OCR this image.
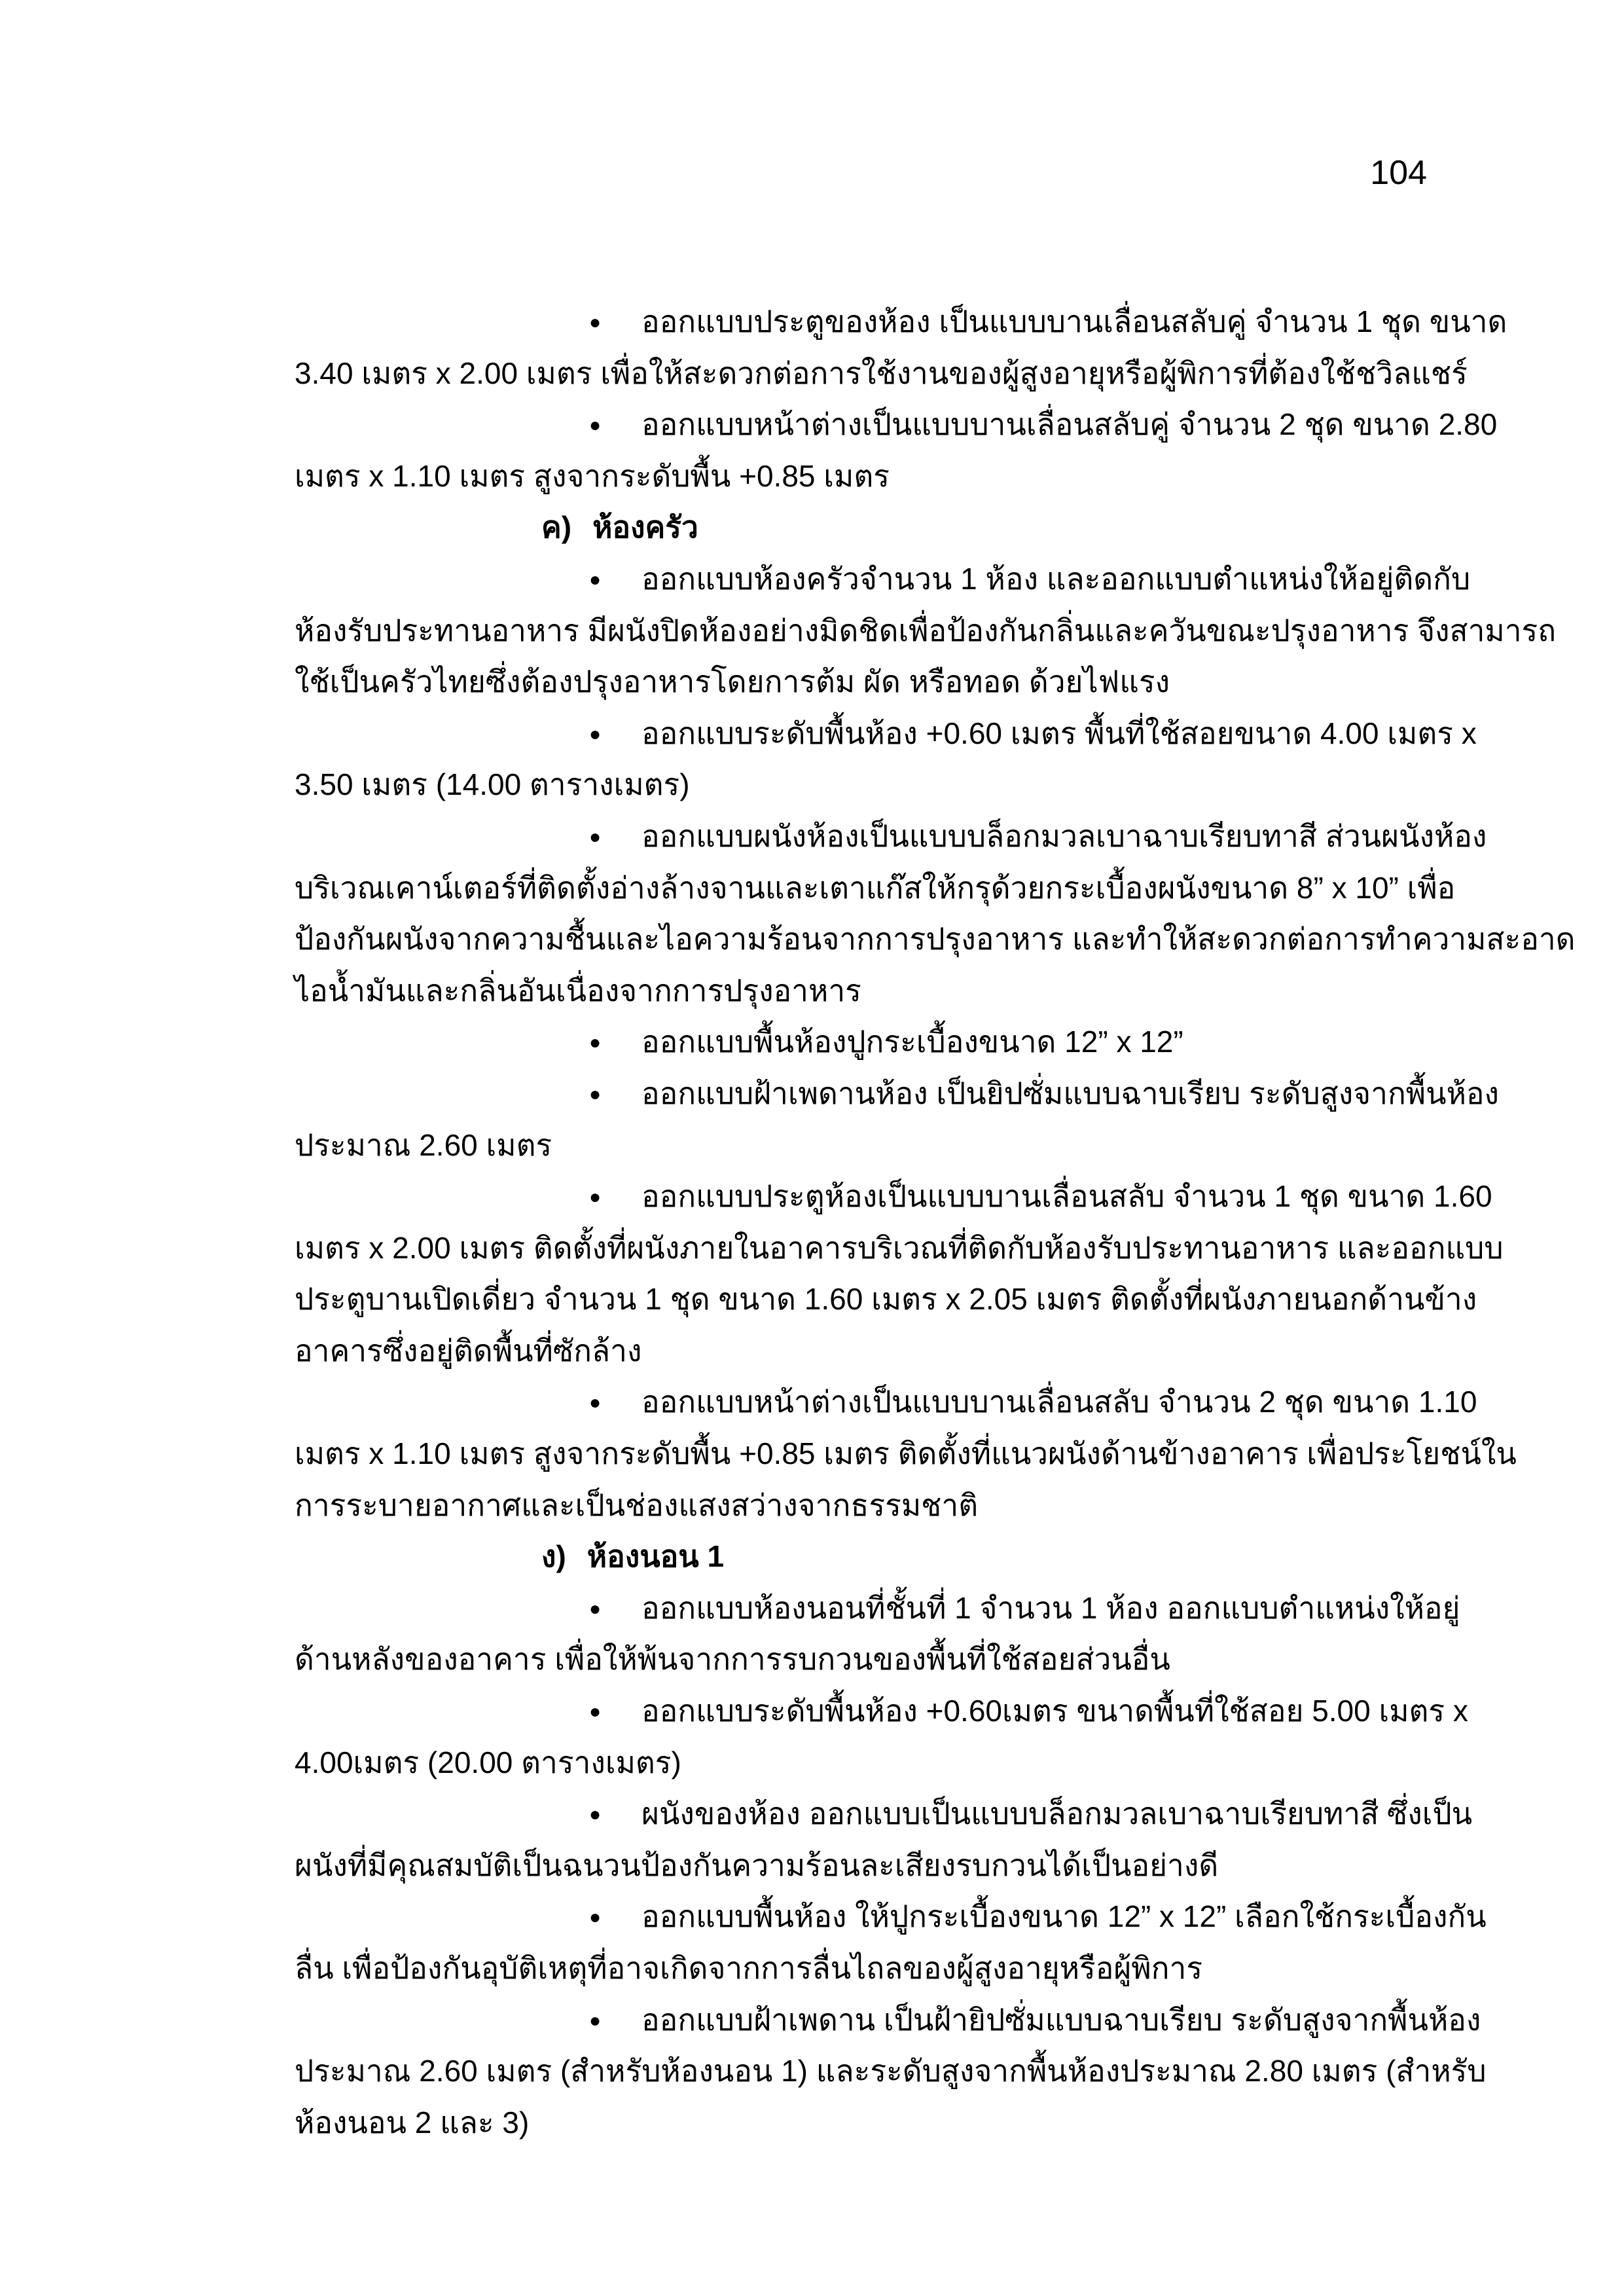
104
● ออกแบบประตูของห้อง เป็นแบบบานเลื่อนสลับคู่ จำนวน 1 ชุด ขนาด
3.40 เมตร x 2.00 เมตร เพื่อให้สะดวกต่อการใช้งานของผู้สูงอายุหรือผู้พิการที่ต้องใช้ชวิลแชร์
● ออกแบบหน้าต่างเป็นแบบบานเลื่อนสลับคู่ จำนวน 2 ชุด ขนาด 2.80
เมตร x 1.10 เมตร สูงจากระดับพื้น +0.85 เมตร
ค) ห้องครัว
● ออกแบบห้องครัวจำนวน 1 ห้อง และออกแบบตำแหน่งให้อยู่ติดกับ
ห้องรับประทานอาหาร มีผนังปิดห้องอย่างมิดชิดเพื่อป้องกันกลิ่นและควันขณะปรุงอาหาร จึงสามารถ
ใช้เป็นครัวไทยซึ่งต้องปรุงอาหารโดยการต้ม ผัด หรือทอด ด้วยไฟแรง
● ออกแบบระดับพื้นห้อง +0.60 เมตร พื้นที่ใช้สอยขนาด 4.00 เมตร x
3.50 เมตร (14.00 ตารางเมตร)
● ออกแบบผนังห้องเป็นแบบบล็อกมวลเบาฉาบเรียบทาสี ส่วนผนังห้อง
บริเวณเคาน์เตอร์ที่ติดตั้งอ่างล้างจานและเตาแก๊สให้กรุด้วยกระเบื้องผนังขนาด 8” x 10” เพื่อ
ป้องกันผนังจากความชื้นและไอความร้อนจากการปรุงอาหาร และทำให้สะดวกต่อการทำความสะอาด
ไอน้ำมันและกลิ่นอันเนื่องจากการปรุงอาหาร
● ออกแบบพื้นห้องปูกระเบื้องขนาด 12” x 12”
● ออกแบบฝ้าเพดานห้อง เป็นยิปซั่มแบบฉาบเรียบ ระดับสูงจากพื้นห้อง
ประมาณ 2.60 เมตร
● ออกแบบประตูห้องเป็นแบบบานเลื่อนสลับ จำนวน 1 ชุด ขนาด 1.60
เมตร x 2.00 เมตร ติดตั้งที่ผนังภายในอาคารบริเวณที่ติดกับห้องรับประทานอาหาร และออกแบบ
ประตูบานเปิดเดี่ยว จำนวน 1 ชุด ขนาด 1.60 เมตร x 2.05 เมตร ติดตั้งที่ผนังภายนอกด้านข้าง
อาคารซึ่งอยู่ติดพื้นที่ซักล้าง
● ออกแบบหน้าต่างเป็นแบบบานเลื่อนสลับ จำนวน 2 ชุด ขนาด 1.10
เมตร x 1.10 เมตร สูงจากระดับพื้น +0.85 เมตร ติดตั้งที่แนวผนังด้านข้างอาคาร เพื่อประโยชน์ใน
การระบายอากาศและเป็นช่องแสงสว่างจากธรรมชาติ
ง) ห้องนอน 1
● ออกแบบห้องนอนที่ชั้นที่ 1 จำนวน 1 ห้อง ออกแบบตำแหน่งให้อยู่
ด้านหลังของอาคาร เพื่อให้พ้นจากการรบกวนของพื้นที่ใช้สอยส่วนอื่น
● ออกแบบระดับพื้นห้อง +0.60เมตร ขนาดพื้นที่ใช้สอย 5.00 เมตร x
4.00เมตร (20.00 ตารางเมตร)
● ผนังของห้อง ออกแบบเป็นแบบบล็อกมวลเบาฉาบเรียบทาสี ซึ่งเป็น
ผนังที่มีคุณสมบัติเป็นฉนวนป้องกันความร้อนละเสียงรบกวนได้เป็นอย่างดี
● ออกแบบพื้นห้อง ให้ปูกระเบื้องขนาด 12” x 12” เลือกใช้กระเบื้องกัน
ลื่น เพื่อป้องกันอุบัติเหตุที่อาจเกิดจากการลื่นไถลของผู้สูงอายุหรือผู้พิการ
● ออกแบบฝ้าเพดาน เป็นฝ้ายิปซั่มแบบฉาบเรียบ ระดับสูงจากพื้นห้อง
ประมาณ 2.60 เมตร (สำหรับห้องนอน 1) และระดับสูงจากพื้นห้องประมาณ 2.80 เมตร (สำหรับ
ห้องนอน 2 และ 3)
